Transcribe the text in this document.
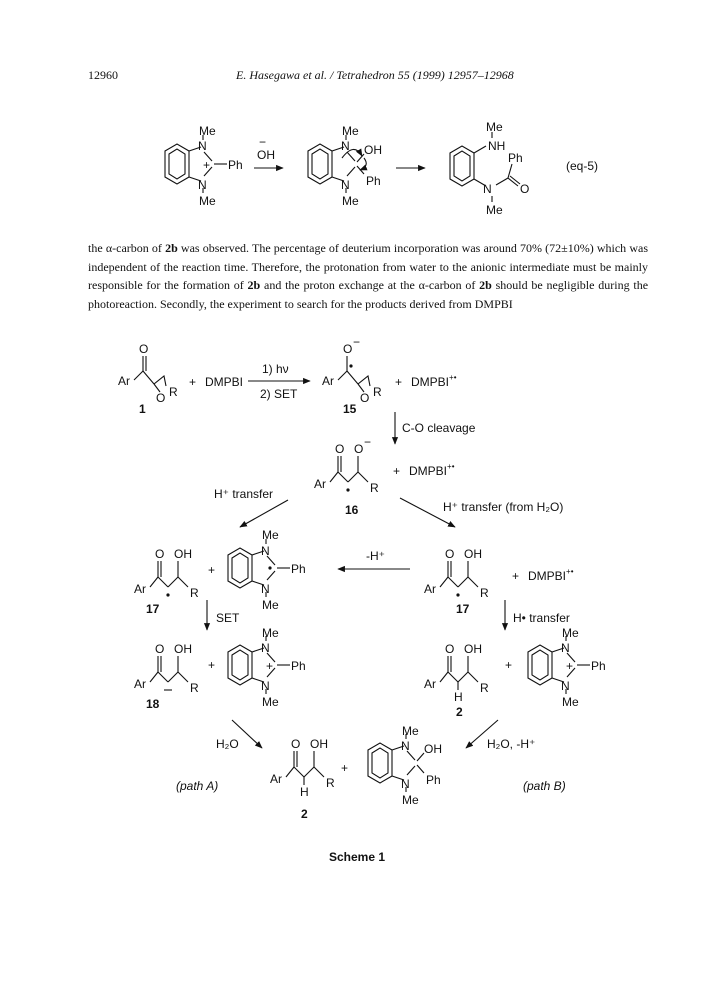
12960	E. Hasegawa et al. / Tetrahedron 55 (1999) 12957–12968

the α-carbon of 2b was observed. The percentage of deuterium incorporation was around 70% (72±10%) which was independent of the reaction time. Therefore, the protonation from water to the anionic intermediate must be mainly responsible for the formation of 2b and the proton exchange at the α-carbon of 2b should be negligible during the photoreaction. Secondly, the experiment to search for the products derived from DMPBI

N
N
+ Ph
Me
Me
−
OH
N
N
OH
Ph
Me
Me
NH
N
Me
Me
Ph
O
(eq-5)
Ar
O
O R
1
+ DMPBI
1) hν
2) SET
Ar
O −
O R
15
+ DMPBI+•
C-O cleavage
Ar
O O −
R
16
+ DMPBI+•
H⁺ transfer
H⁺ transfer (from H₂O)
Ar
O OH
R
17
+
N
N
Ph
Me
Me
-H⁺
Ar
O OH
R
17
+ DMPBI+•
SET	H• transfer
Ar
O OH
R
18
+
N
N
+ Ph
Me
Me
Ar
O
H
OH
R
2
+
N
N
+ Ph
Me
Me
H₂O	H₂O, -H⁺
Ar
O
H
OH
R
2
+
N
N
OH
Ph
Me
Me
(path A)	(path B)
Scheme 1
